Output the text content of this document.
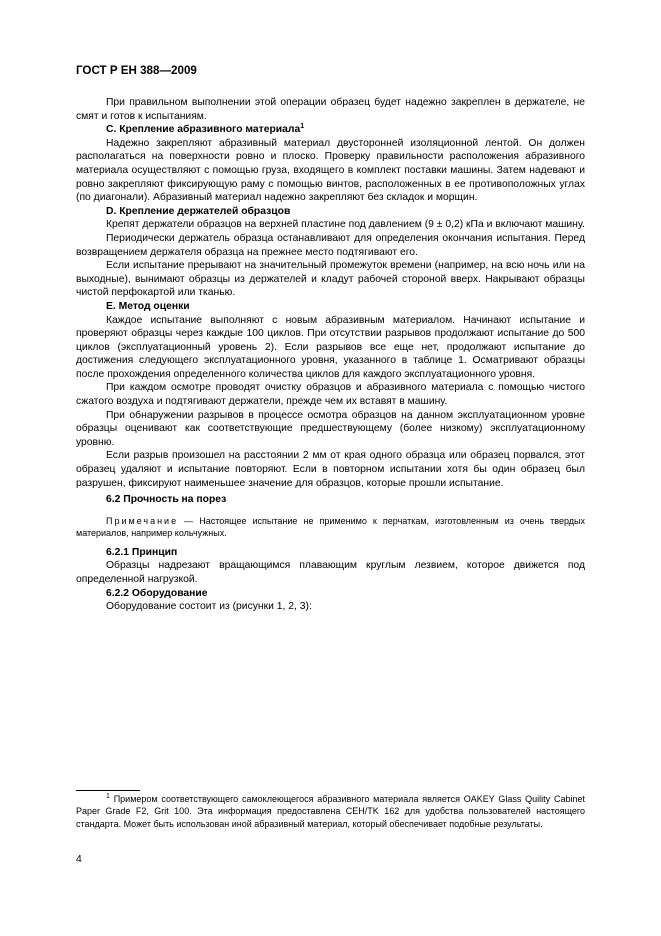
ГОСТ Р ЕН 388—2009

При правильном выполнении этой операции образец будет надежно закреплен в держателе, не смят и готов к испытаниям.

C. Крепление абразивного материала$^1$

Надежно закрепляют абразивный материал двусторонней изоляционной лентой. Он должен располагаться на поверхности ровно и плоско. Проверку правильности расположения абразивного материала осуществляют с помощью груза, входящего в комплект поставки машины. Затем надевают и ровно закрепляют фиксирующую раму с помощью винтов, расположенных в ее противоположных углах (по диагонали). Абразивный материал надежно закрепляют без складок и морщин.

D. Крепление держателей образцов

Крепят держатели образцов на верхней пластине под давлением (9 ± 0,2) кПа и включают машину.

Периодически держатель образца останавливают для определения окончания испытания. Перед возвращением держателя образца на прежнее место подтягивают его.

Если испытание прерывают на значительный промежуток времени (например, на всю ночь или на выходные), вынимают образцы из держателей и кладут рабочей стороной вверх. Накрывают образцы чистой перфокартой или тканью.

E. Метод оценки

Каждое испытание выполняют с новым абразивным материалом. Начинают испытание и проверяют образцы через каждые 100 циклов. При отсутствии разрывов продолжают испытание до 500 циклов (эксплуатационный уровень 2). Если разрывов все еще нет, продолжают испытание до достижения следующего эксплуатационного уровня, указанного в таблице 1. Осматривают образцы после прохождения определенного количества циклов для каждого эксплуатационного уровня.

При каждом осмотре проводят очистку образцов и абразивного материала с помощью чистого сжатого воздуха и подтягивают держатели, прежде чем их вставят в машину.

При обнаружении разрывов в процессе осмотра образцов на данном эксплуатационном уровне образцы оценивают как соответствующие предшествующему (более низкому) эксплуатационному уровню.

Если разрыв произошел на расстоянии 2 мм от края одного образца или образец порвался, этот образец удаляют и испытание повторяют. Если в повторном испытании хотя бы один образец был разрушен, фиксируют наименьшее значение для образцов, которые прошли испытание.

6.2 Прочность на порез

Примечание — Настоящее испытание не применимо к перчаткам, изготовленным из очень твердых материалов, например кольчужных.

6.2.1 Принцип

Образцы надрезают вращающимся плавающим круглым лезвием, которое движется под определенной нагрузкой.

6.2.2 Оборудование

Оборудование состоит из (рисунки 1, 2, 3):

$^1$ Примером соответствующего самоклеющегося абразивного материала является OAKEY Glass Quility Cabinet Paper Grade F2, Grit 100. Эта информация предоставлена CEH/TK 162 для удобства пользователей настоящего стандарта. Может быть использован иной абразивный материал, который обеспечивает подобные результаты.

4
